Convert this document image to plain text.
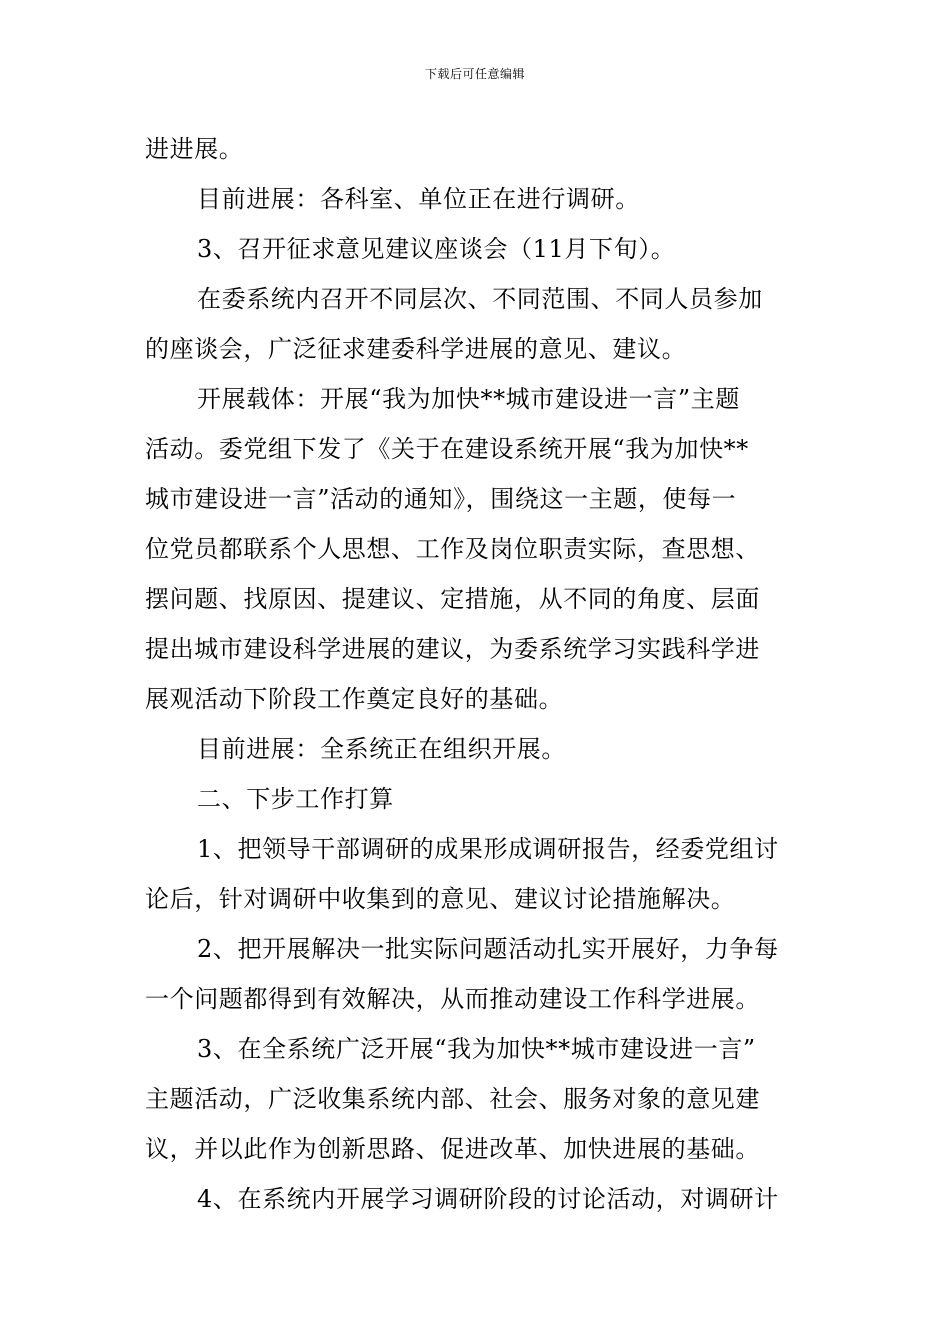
下载后可任意编辑
进进展。
目前进展：各科室、单位正在进行调研。
3、召开征求意见建议座谈会（11月下旬）。
在委系统内召开不同层次、不同范围、不同人员参加
的座谈会，广泛征求建委科学进展的意见、建议。
开展载体：开展“我为加快**城市建设进一言”主题
活动。委党组下发了《关于在建设系统开展“我为加快**
城市建设进一言”活动的通知》，围绕这一主题，使每一
位党员都联系个人思想、工作及岗位职责实际，查思想、
摆问题、找原因、提建议、定措施，从不同的角度、层面
提出城市建设科学进展的建议，为委系统学习实践科学进
展观活动下阶段工作奠定良好的基础。
目前进展：全系统正在组织开展。
二、下步工作打算
1、把领导干部调研的成果形成调研报告，经委党组讨
论后，针对调研中收集到的意见、建议讨论措施解决。
2、把开展解决一批实际问题活动扎实开展好，力争每
一个问题都得到有效解决，从而推动建设工作科学进展。
3、在全系统广泛开展“我为加快**城市建设进一言”
主题活动，广泛收集系统内部、社会、服务对象的意见建
议，并以此作为创新思路、促进改革、加快进展的基础。
4、在系统内开展学习调研阶段的讨论活动，对调研计
